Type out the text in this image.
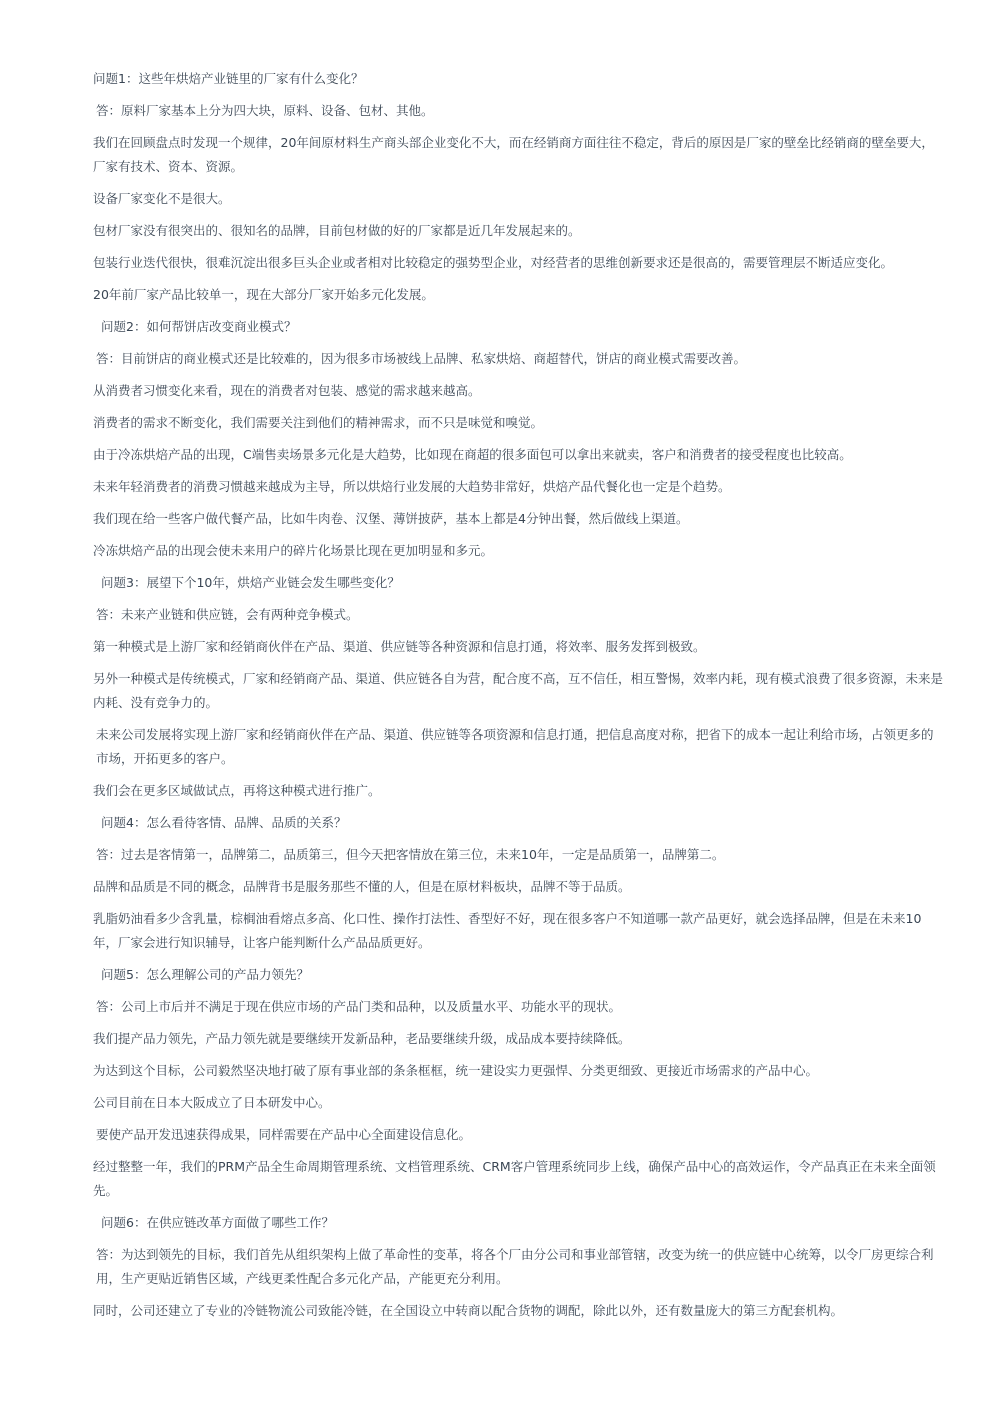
问题1：这些年烘焙产业链里的厂家有什么变化？

答：原料厂家基本上分为四大块，原料、设备、包材、其他。

我们在回顾盘点时发现一个规律，20年间原材料生产商头部企业变化不大，而在经销商方面往往不稳定，背后的原因是厂家的壁垒比经销商的壁垒要大，厂家有技术、资本、资源。

设备厂家变化不是很大。

包材厂家没有很突出的、很知名的品牌，目前包材做的好的厂家都是近几年发展起来的。

包装行业迭代很快，很难沉淀出很多巨头企业或者相对比较稳定的强势型企业，对经营者的思维创新要求还是很高的，需要管理层不断适应变化。

20年前厂家产品比较单一，现在大部分厂家开始多元化发展。

问题2：如何帮饼店改变商业模式？

答：目前饼店的商业模式还是比较难的，因为很多市场被线上品牌、私家烘焙、商超替代，饼店的商业模式需要改善。

从消费者习惯变化来看，现在的消费者对包装、感觉的需求越来越高。

消费者的需求不断变化，我们需要关注到他们的精神需求，而不只是味觉和嗅觉。

由于冷冻烘焙产品的出现，C端售卖场景多元化是大趋势，比如现在商超的很多面包可以拿出来就卖，客户和消费者的接受程度也比较高。

未来年轻消费者的消费习惯越来越成为主导，所以烘焙行业发展的大趋势非常好，烘焙产品代餐化也一定是个趋势。

我们现在给一些客户做代餐产品，比如牛肉卷、汉堡、薄饼披萨，基本上都是4分钟出餐，然后做线上渠道。

冷冻烘焙产品的出现会使未来用户的碎片化场景比现在更加明显和多元。

问题3：展望下个10年，烘焙产业链会发生哪些变化？

答：未来产业链和供应链，会有两种竞争模式。

第一种模式是上游厂家和经销商伙伴在产品、渠道、供应链等各种资源和信息打通，将效率、服务发挥到极致。

另外一种模式是传统模式，厂家和经销商产品、渠道、供应链各自为营，配合度不高，互不信任，相互警惕，效率内耗，现有模式浪费了很多资源，未来是内耗、没有竞争力的。

未来公司发展将实现上游厂家和经销商伙伴在产品、渠道、供应链等各项资源和信息打通，把信息高度对称，把省下的成本一起让利给市场，占领更多的市场，开拓更多的客户。

我们会在更多区域做试点，再将这种模式进行推广。

问题4：怎么看待客情、品牌、品质的关系？

答：过去是客情第一，品牌第二，品质第三，但今天把客情放在第三位，未来10年，一定是品质第一，品牌第二。

品牌和品质是不同的概念，品牌背书是服务那些不懂的人，但是在原材料板块，品牌不等于品质。

乳脂奶油看多少含乳量，棕榈油看熔点多高、化口性、操作打法性、香型好不好，现在很多客户不知道哪一款产品更好，就会选择品牌，但是在未来10年，厂家会进行知识辅导，让客户能判断什么产品品质更好。

问题5：怎么理解公司的产品力领先？

答：公司上市后并不满足于现在供应市场的产品门类和品种，以及质量水平、功能水平的现状。

我们提产品力领先，产品力领先就是要继续开发新品种，老品要继续升级，成品成本要持续降低。

为达到这个目标，公司毅然坚决地打破了原有事业部的条条框框，统一建设实力更强悍、分类更细致、更接近市场需求的产品中心。

公司目前在日本大阪成立了日本研发中心。

要使产品开发迅速获得成果，同样需要在产品中心全面建设信息化。

经过整整一年，我们的PRM产品全生命周期管理系统、文档管理系统、CRM客户管理系统同步上线，确保产品中心的高效运作，令产品真正在未来全面领先。

问题6：在供应链改革方面做了哪些工作？

答：为达到领先的目标，我们首先从组织架构上做了革命性的变革，将各个厂由分公司和事业部管辖，改变为统一的供应链中心统筹，以令厂房更综合利用，生产更贴近销售区域，产线更柔性配合多元化产品，产能更充分利用。

同时，公司还建立了专业的冷链物流公司致能冷链，在全国设立中转商以配合货物的调配，除此以外，还有数量庞大的第三方配套机构。
